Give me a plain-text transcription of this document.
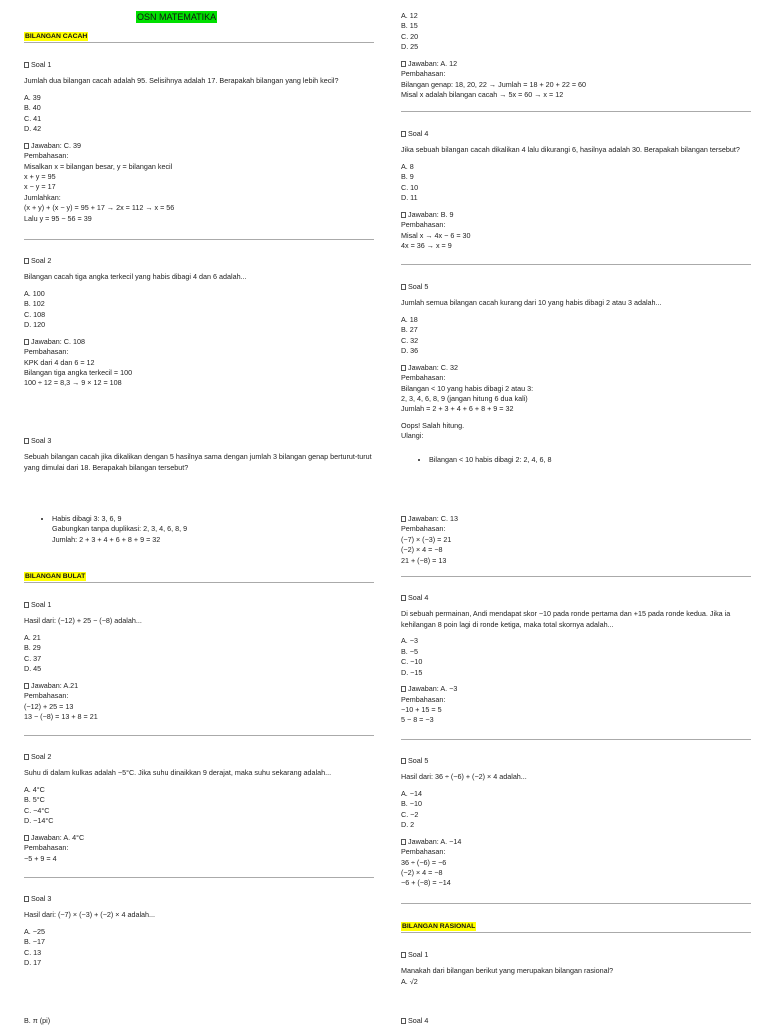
OSN MATEMATIKA
BILANGAN CACAH
Soal 1
Jumlah dua bilangan cacah adalah 95. Selisihnya adalah 17. Berapakah bilangan yang lebih kecil?
A. 39
B. 40
C. 41
D. 42
Jawaban: C. 39
Pembahasan:
Misalkan x = bilangan besar, y = bilangan kecil
x + y = 95
x − y = 17
Jumlahkan:
(x + y) + (x − y) = 95 + 17 → 2x = 112 → x = 56
Lalu y = 95 − 56 = 39
Soal 2
Bilangan cacah tiga angka terkecil yang habis dibagi 4 dan 6 adalah...
A. 100
B. 102
C. 108
D. 120
Jawaban: C. 108
Pembahasan:
KPK dari 4 dan 6 = 12
Bilangan tiga angka terkecil = 100
100 ÷ 12 = 8,3 → 9 × 12 = 108
Soal 3
Sebuah bilangan cacah jika dikalikan dengan 5 hasilnya sama dengan jumlah 3 bilangan genap berturut-turut yang dimulai dari 18. Berapakah bilangan tersebut?
• Habis dibagi 3: 3, 6, 9
Gabungkan tanpa duplikasi: 2, 3, 4, 6, 8, 9
Jumlah: 2 + 3 + 4 + 6 + 8 + 9 = 32
BILANGAN BULAT
Soal 1
Hasil dari: (−12) + 25 − (−8) adalah...
A. 21
B. 29
C. 37
D. 45
Jawaban: A.21
Pembahasan:
(−12) + 25 = 13
13 − (−8) = 13 + 8 = 21
Soal 2
Suhu di dalam kulkas adalah −5°C. Jika suhu dinaikkan 9 derajat, maka suhu sekarang adalah...
A. 4°C
B. 5°C
C. −4°C
D. −14°C
Jawaban: A. 4°C
Pembahasan:
−5 + 9 = 4
Soal 3
Hasil dari: (−7) × (−3) + (−2) × 4 adalah...
A. −25
B. −17
C. 13
D. 17
B. π (pi)
A. 12
B. 15
C. 20
D. 25
Jawaban: A. 12
Pembahasan:
Bilangan genap: 18, 20, 22 → Jumlah = 18 + 20 + 22 = 60
Misal x adalah bilangan cacah → 5x = 60 → x = 12
Soal 4
Jika sebuah bilangan cacah dikalikan 4 lalu dikurangi 6, hasilnya adalah 30. Berapakah bilangan tersebut?
A. 8
B. 9
C. 10
D. 11
Jawaban: B. 9
Pembahasan:
Misal x → 4x − 6 = 30
4x = 36 → x = 9
Soal 5
Jumlah semua bilangan cacah kurang dari 10 yang habis dibagi 2 atau 3 adalah...
A. 18
B. 27
C. 32
D. 36
Jawaban: C. 32
Pembahasan:
Bilangan < 10 yang habis dibagi 2 atau 3:
2, 3, 4, 6, 8, 9 (jangan hitung 6 dua kali)
Jumlah = 2 + 3 + 4 + 6 + 8 + 9 = 32
Oops! Salah hitung.
Ulangi:
• Bilangan < 10 habis dibagi 2: 2, 4, 6, 8
Jawaban: C. 13
Pembahasan:
(−7) × (−3) = 21
(−2) × 4 = −8
21 + (−8) = 13
Soal 4
Di sebuah permainan, Andi mendapat skor −10 pada ronde pertama dan +15 pada ronde kedua. Jika ia kehilangan 8 poin lagi di ronde ketiga, maka total skornya adalah...
A. −3
B. −5
C. −10
D. −15
Jawaban: A. −3
Pembahasan:
−10 + 15 = 5
5 − 8 = −3
Soal 5
Hasil dari: 36 ÷ (−6) + (−2) × 4 adalah...
A. −14
B. −10
C. −2
D. 2
Jawaban: A. −14
Pembahasan:
36 ÷ (−6) = −6
(−2) × 4 = −8
−6 + (−8) = −14
BILANGAN RASIONAL
Soal 1
Manakah dari bilangan berikut yang merupakan bilangan rasional?
A. √2
Soal 4
